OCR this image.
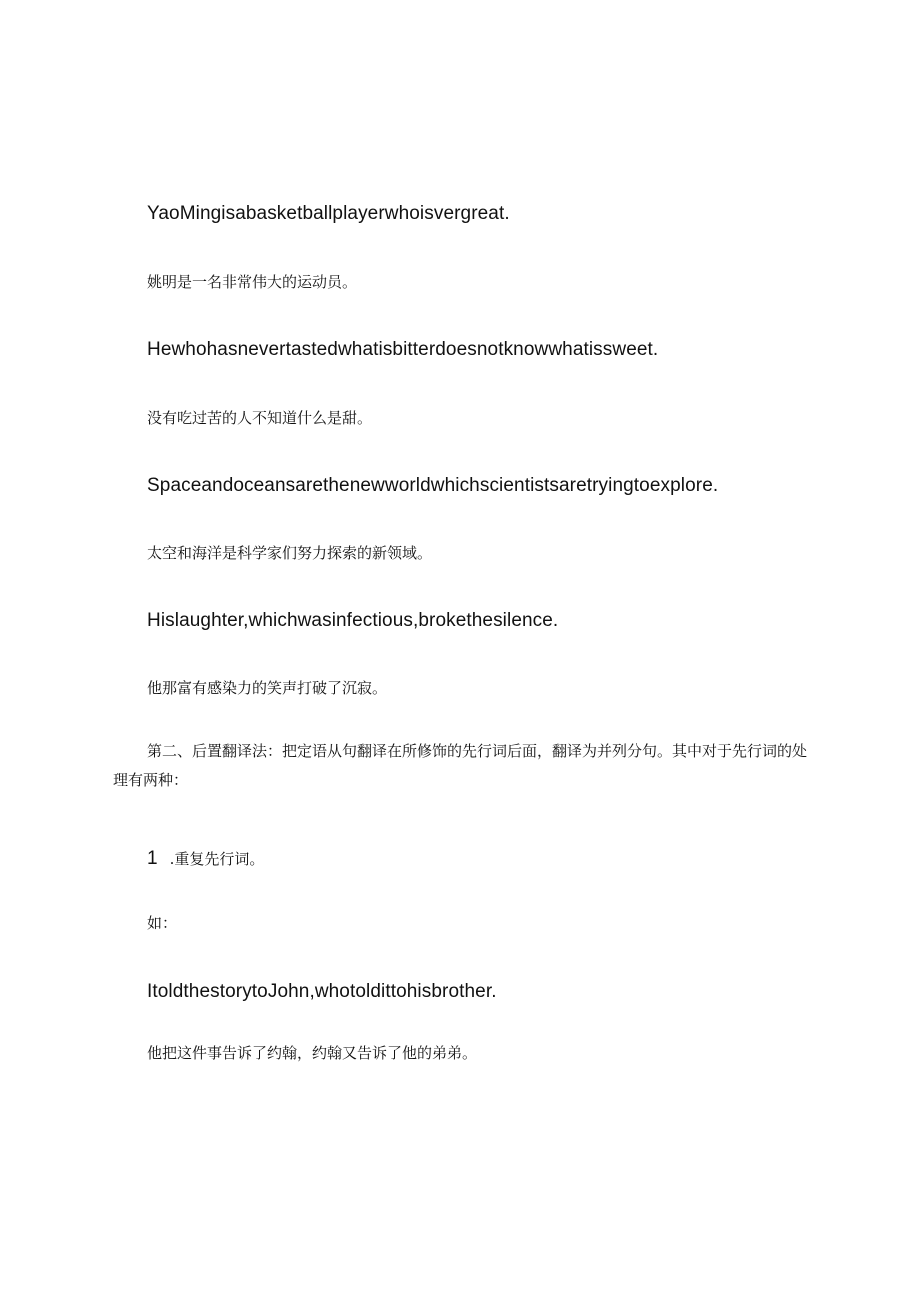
YaoMingisabasketballplayerwhoisvergreat.
姚明是一名非常伟大的运动员。
Hewhohasnevertastedwhatisbitterdoesnotknowwhatissweet.
没有吃过苦的人不知道什么是甜。
Spaceandoceansarethenewworldwhichscientistsaretryingtoexplore.
太空和海洋是科学家们努力探索的新领域。
Hislaughter,whichwasinfectious,brokethesilence.
他那富有感染力的笑声打破了沉寂。
第二、后置翻译法：把定语从句翻译在所修饰的先行词后面，翻译为并列分句。其中对于先行词的处理有两种：
1 .重复先行词。
如：
ItoldthestorytoJohn,whotoldittohisbrother.
他把这件事告诉了约翰，约翰又告诉了他的弟弟。
